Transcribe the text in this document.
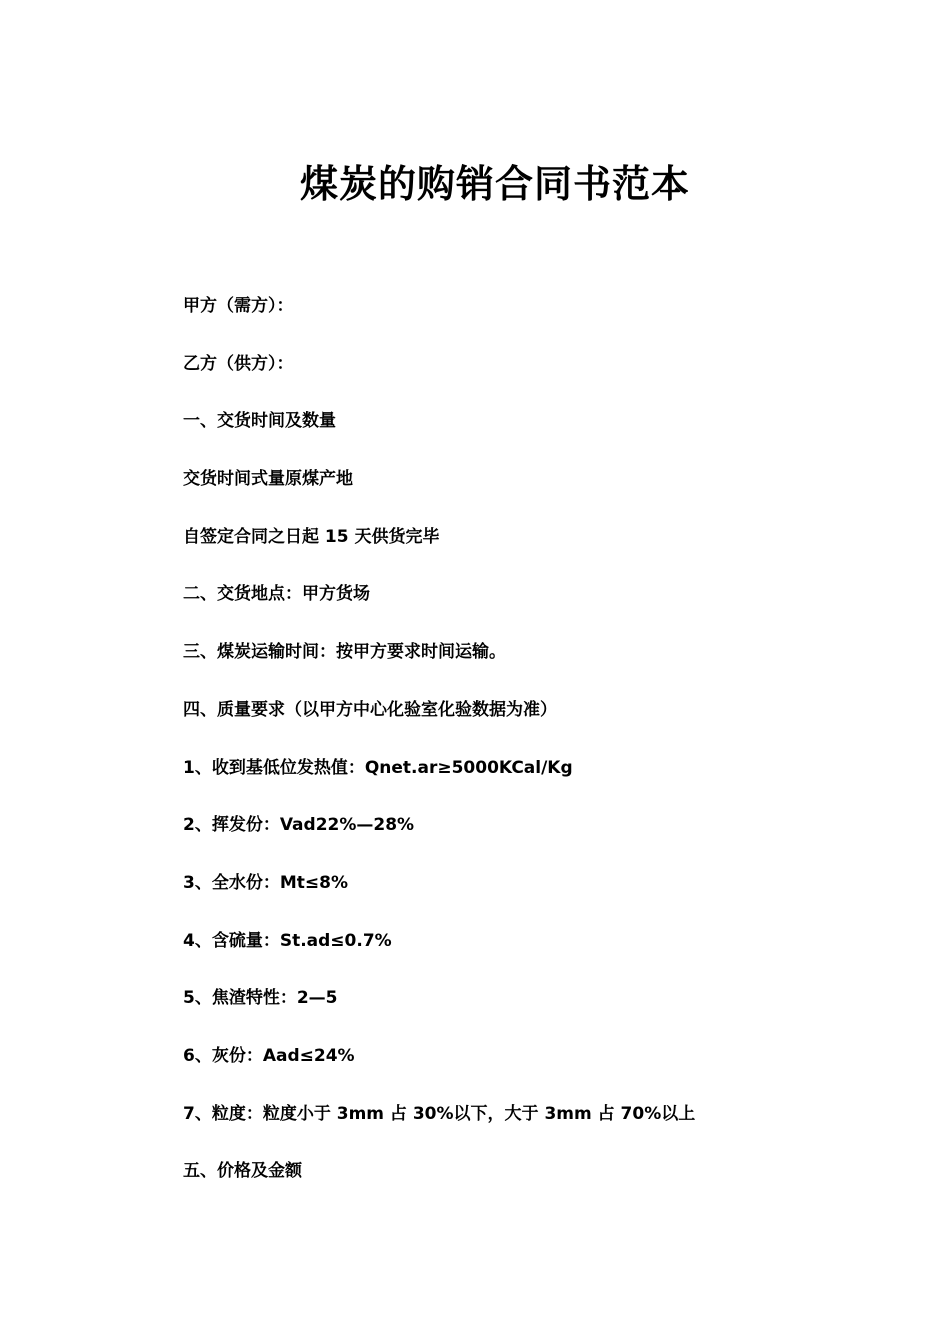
煤炭的购销合同书范本
甲方（需方）：
乙方（供方）：
一、交货时间及数量
交货时间式量原煤产地
自签定合同之日起 15 天供货完毕
二、交货地点：甲方货场
三、煤炭运输时间：按甲方要求时间运输。
四、质量要求（以甲方中心化验室化验数据为准）
1、收到基低位发热值：Qnet.ar≥5000KCal/Kg
2、挥发份：Vad22%—28%
3、全水份：Mt≤8%
4、含硫量：St.ad≤0.7%
5、焦渣特性：2—5
6、灰份：Aad≤24%
7、粒度：粒度小于 3mm 占 30%以下，大于 3mm 占 70%以上
五、价格及金额
